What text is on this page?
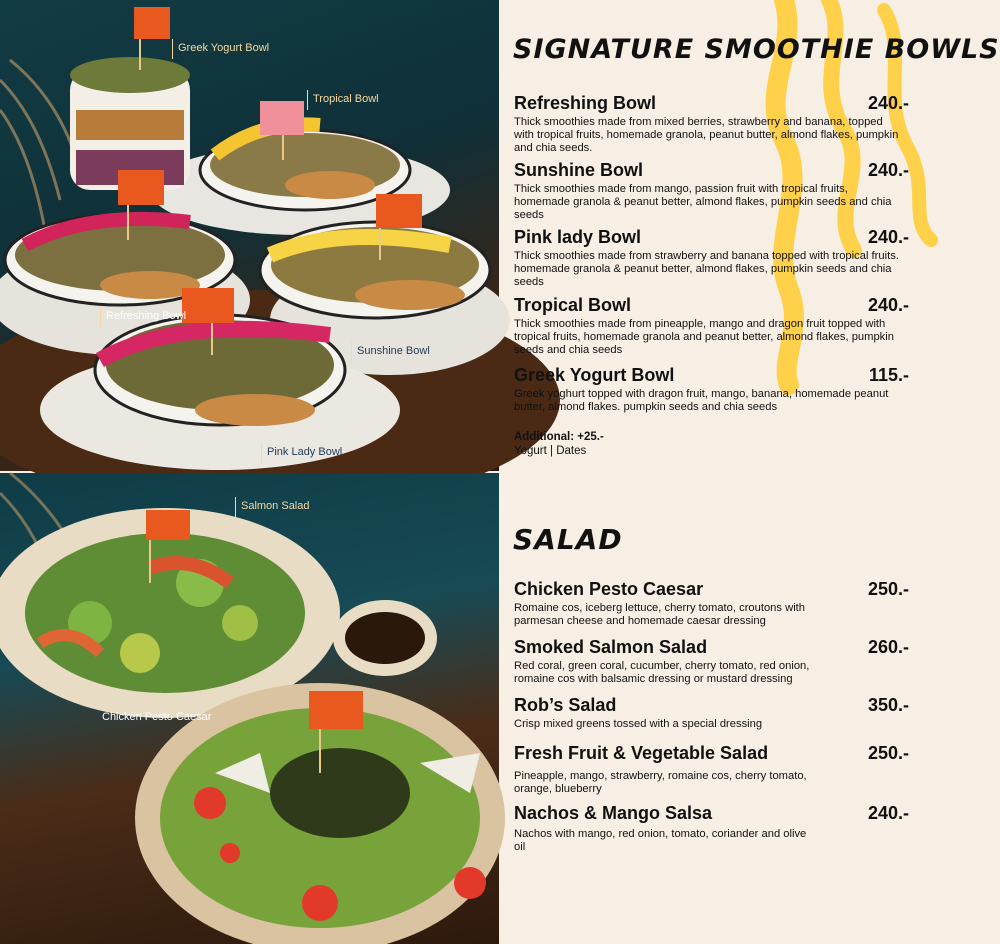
Greek Yogurt Bowl
Tropical Bowl
Refreshing Bowl
Sunshine Bowl
Pink Lady Bowl
Salmon Salad
Chicken Pesto Caesar
SIGNATURE SMOOTHIE BOWLS
Refreshing Bowl	240.-
Thick smoothies made from mixed berries, strawberry and banana, topped with tropical fruits, homemade granola, peanut butter, almond flakes, pumpkin and chia seeds.
Sunshine Bowl	240.-
Thick smoothies made from mango, passion fruit with tropical fruits, homemade granola & peanut better, almond flakes, pumpkin seeds and chia seeds
Pink lady Bowl	240.-
Thick smoothies made from strawberry and banana topped with tropical fruits. homemade granola & peanut better, almond flakes, pumpkin seeds and chia seeds
Tropical Bowl	240.-
Thick smoothies made from pineapple, mango and dragon fruit topped with tropical fruits, homemade granola and peanut better, almond flakes, pumpkin seeds and chia seeds
Greek Yogurt Bowl	115.-
Greek yoghurt topped with dragon fruit, mango, banana, homemade peanut butter, almond flakes. pumpkin seeds and chia seeds
Additional: +25.-
Yogurt | Dates
SALAD
Chicken Pesto Caesar	250.-
Romaine cos, iceberg lettuce, cherry tomato, croutons with parmesan cheese and homemade caesar dressing
Smoked Salmon Salad	260.-
Red coral, green coral, cucumber, cherry tomato, red onion, romaine cos with balsamic dressing or mustard dressing
Rob’s Salad	350.-
Crisp mixed greens tossed with a special dressing
Fresh Fruit & Vegetable Salad	250.-
Pineapple, mango, strawberry, romaine cos, cherry tomato, orange, blueberry
Nachos & Mango Salsa	240.-
Nachos with mango, red onion, tomato, coriander and olive oil
